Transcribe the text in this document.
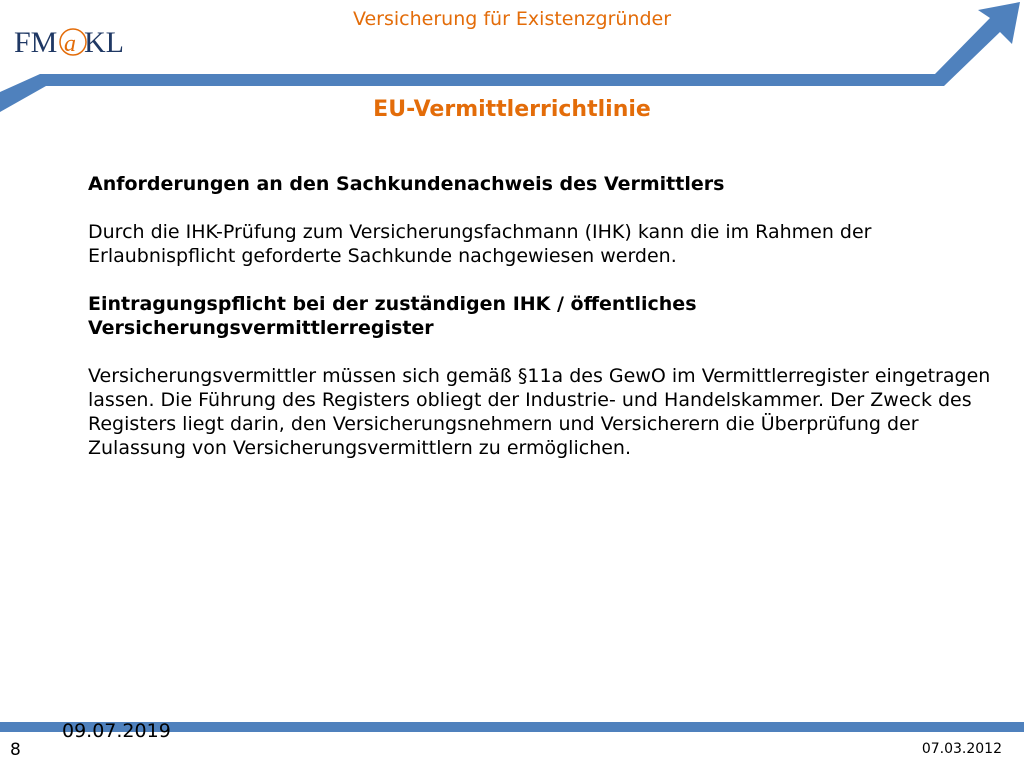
FM a KL
Versicherung für Existenzgründer
EU-Vermittlerrichtlinie

Anforderungen an den Sachkundenachweis des Vermittlers

Durch die IHK-Prüfung zum Versicherungsfachmann (IHK) kann die im Rahmen der Erlaubnispflicht geforderte Sachkunde nachgewiesen werden.

Eintragungspflicht bei der zuständigen IHK / öffentliches Versicherungsvermittlerregister

Versicherungsvermittler müssen sich gemäß §11a des GewO im Vermittlerregister eingetragen lassen. Die Führung des Registers obliegt der Industrie- und Handelskammer. Der Zweck des Registers liegt darin, den Versicherungsnehmern und Versicherern die Überprüfung der Zulassung von Versicherungsvermittlern zu ermöglichen.

09.07.2019
8	07.03.2012
